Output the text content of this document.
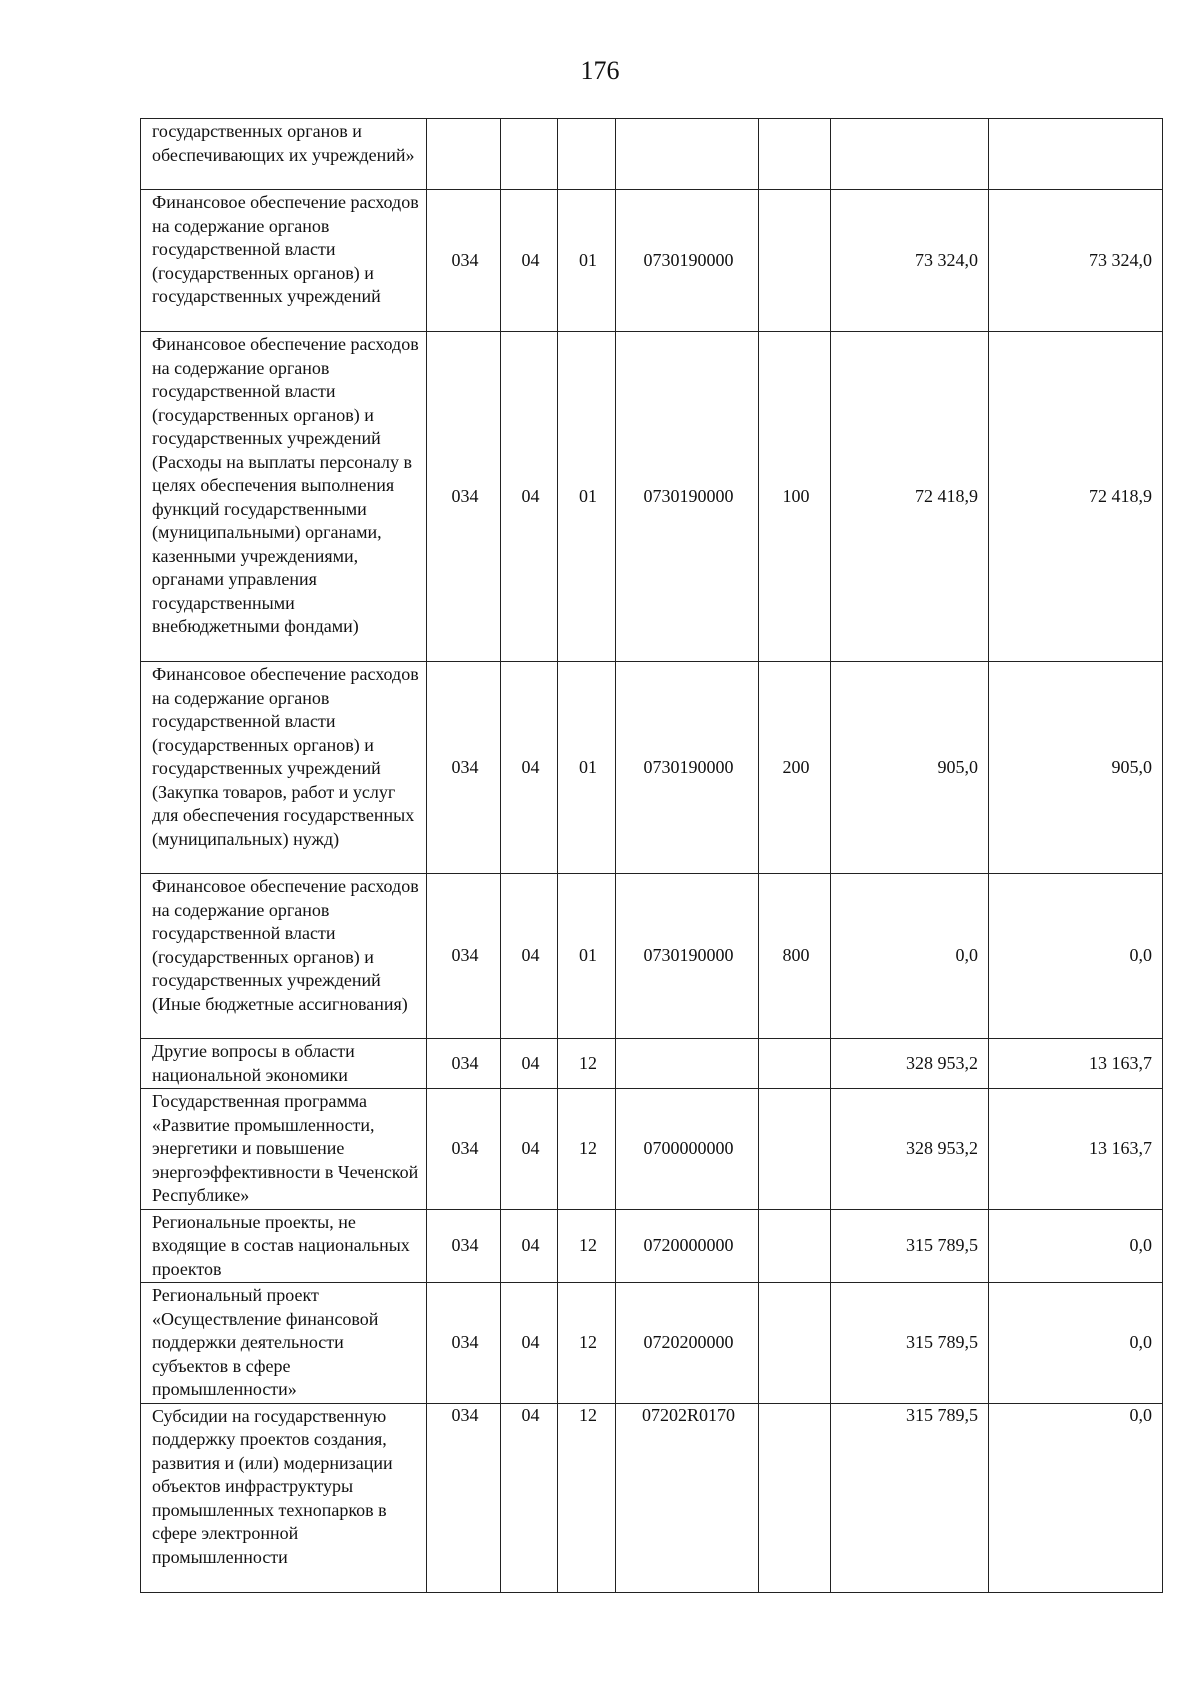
176
государственных органов и обеспечивающих их учреждений»							
Финансовое обеспечение расходов на содержание органов государственной власти (государственных органов) и государственных учреждений	034	04	01	0730190000		73 324,0	73 324,0
Финансовое обеспечение расходов на содержание органов государственной власти (государственных органов) и государственных учреждений (Расходы на выплаты персоналу в целях обеспечения выполнения функций государственными (муниципальными) органами, казенными учреждениями, органами управления государственными внебюджетными фондами)	034	04	01	0730190000	100	72 418,9	72 418,9
Финансовое обеспечение расходов на содержание органов государственной власти (государственных органов) и государственных учреждений (Закупка товаров, работ и услуг для обеспечения государственных (муниципальных) нужд)	034	04	01	0730190000	200	905,0	905,0
Финансовое обеспечение расходов на содержание органов государственной власти (государственных органов) и государственных учреждений (Иные бюджетные ассигнования)	034	04	01	0730190000	800	0,0	0,0
Другие вопросы в области национальной экономики	034	04	12			328 953,2	13 163,7
Государственная программа «Развитие промышленности, энергетики и повышение энергоэффективности в Чеченской Республике»	034	04	12	0700000000		328 953,2	13 163,7
Региональные проекты, не входящие в состав национальных проектов	034	04	12	0720000000		315 789,5	0,0
Региональный проект «Осуществление финансовой поддержки деятельности субъектов в сфере промышленности»	034	04	12	0720200000		315 789,5	0,0
Субсидии на государственную поддержку проектов создания, развития и (или) модернизации объектов инфраструктуры промышленных технопарков в сфере электронной промышленности	034	04	12	07202R0170		315 789,5	0,0
